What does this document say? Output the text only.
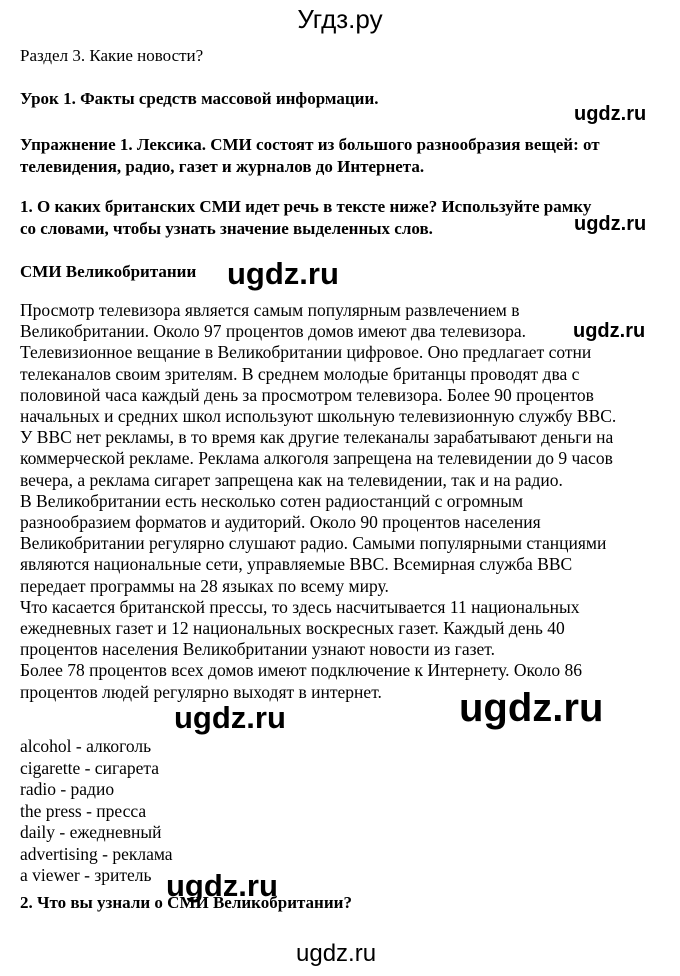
Угдз.ру
Раздел 3. Какие новости?
Урок 1. Факты средств массовой информации.
Упражнение 1. Лексика. СМИ состоят из большого разнообразия вещей: от
телевидения, радио, газет и журналов до Интернета.
1. О каких британских СМИ идет речь в тексте ниже? Используйте рамку
со словами, чтобы узнать значение выделенных слов.
СМИ Великобритании
Просмотр телевизора является самым популярным развлечением в
Великобритании. Около 97 процентов домов имеют два телевизора.
Телевизионное вещание в Великобритании цифровое. Оно предлагает сотни
телеканалов своим зрителям. В среднем молодые британцы проводят два с
половиной часа каждый день за просмотром телевизора. Более 90 процентов
начальных и средних школ используют школьную телевизионную службу BBC.
У BBC нет рекламы, в то время как другие телеканалы зарабатывают деньги на
коммерческой рекламе. Реклама алкоголя запрещена на телевидении до 9 часов
вечера, а реклама сигарет запрещена как на телевидении, так и на радио.
В Великобритании есть несколько сотен радиостанций с огромным
разнообразием форматов и аудиторий. Около 90 процентов населения
Великобритании регулярно слушают радио. Самыми популярными станциями
являются национальные сети, управляемые BBC. Всемирная служба BBC
передает программы на 28 языках по всему миру.
Что касается британской прессы, то здесь насчитывается 11 национальных
ежедневных газет и 12 национальных воскресных газет. Каждый день 40
процентов населения Великобритании узнают новости из газет.
Более 78 процентов всех домов имеют подключение к Интернету. Около 86
процентов людей регулярно выходят в интернет.
alcohol - алкоголь
cigarette - сигарета
radio - радио
the press - пресса
daily - ежедневный
advertising - реклама
a viewer - зритель
2. Что вы узнали о СМИ Великобритании?
ugdz.ru
ugdz.ru
ugdz.ru
ugdz.ru
ugdz.ru	ugdz.ru
ugdz.ru
ugdz.ru
